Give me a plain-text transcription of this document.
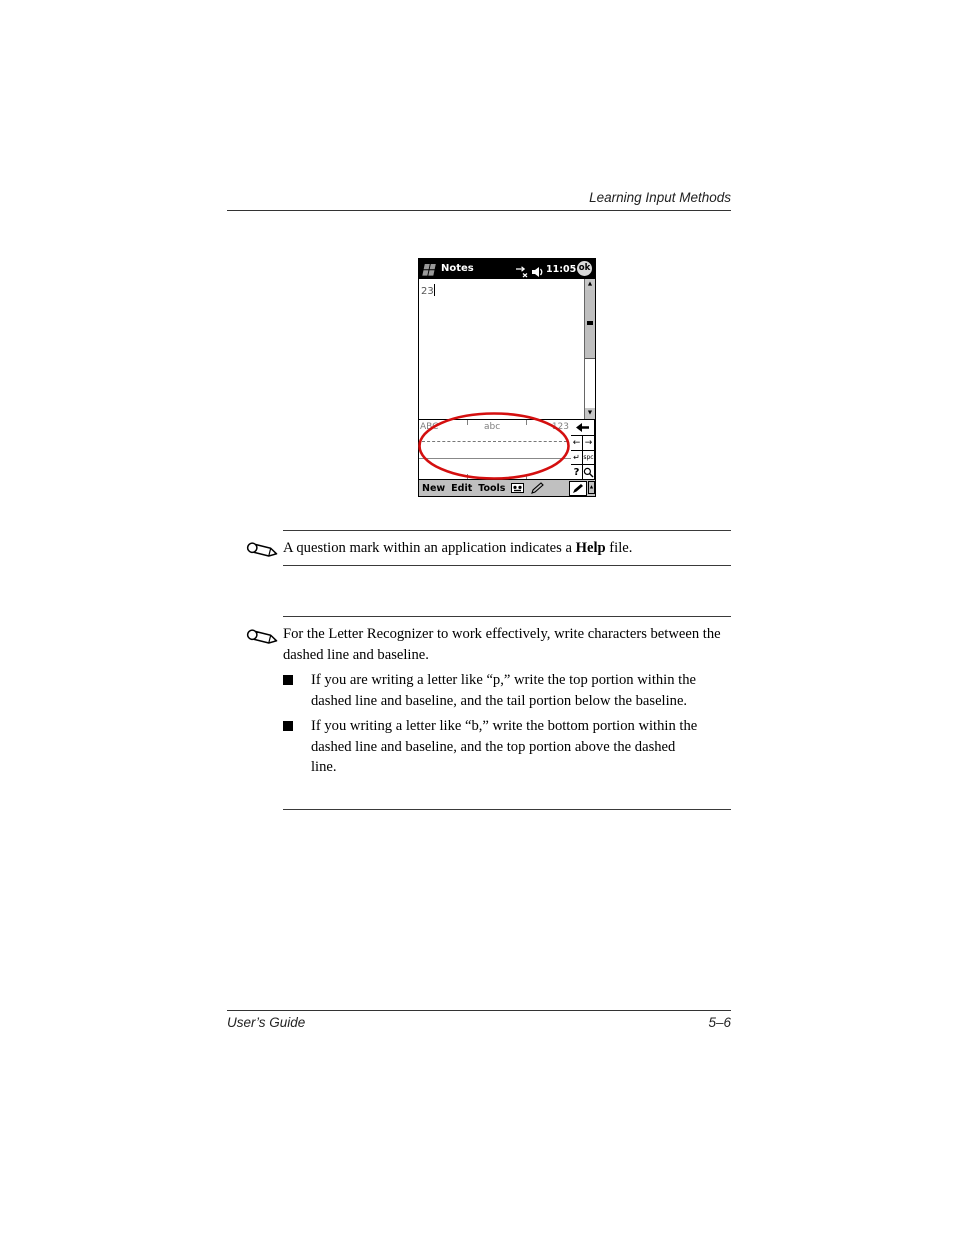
Learning Input Methods
Notes	11:05 ok
23
▲
▼
ABC	abc	123
← →
↵ spc
?
New Edit Tools	▲
A question mark within an application indicates a Help file.
For the Letter Recognizer to work effectively, write characters between the dashed line and baseline.
If you are writing a letter like “p,” write the top portion within the dashed line and baseline, and the tail portion below the baseline.
If you writing a letter like “b,” write the bottom portion within the dashed line and baseline, and the top portion above the dashed line.
User’s Guide	5–6
